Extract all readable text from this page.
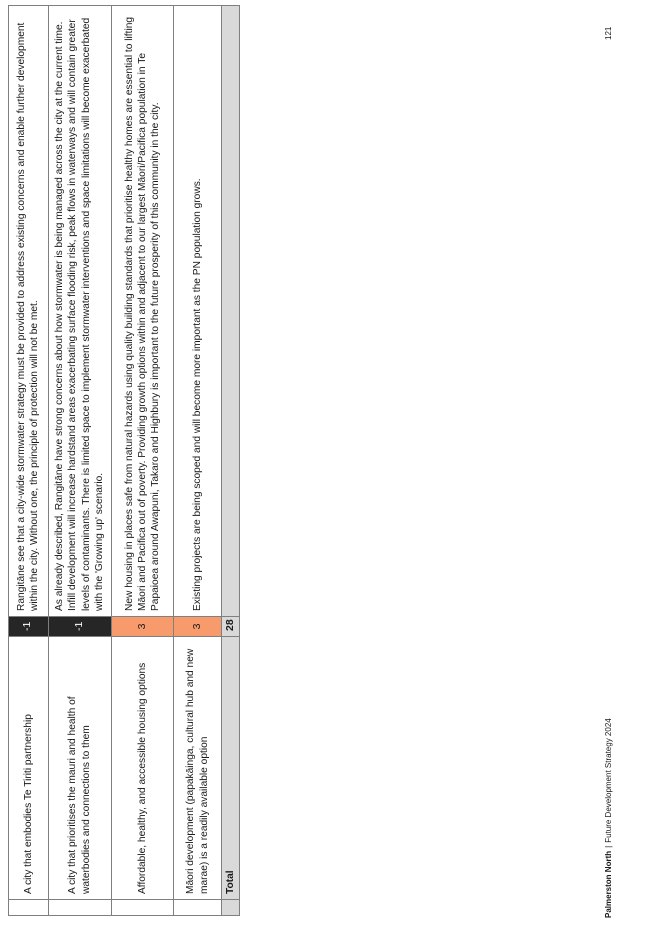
	A city that embodies Te Tiriti partnership	-1	Rangitāne see that a city-wide stormwater strategy must be provided to address existing concerns and enable further development within the city. Without one, the principle of protection will not be met.
	A city that prioritises the mauri and health of waterbodies and connections to them	-1	As already described, Rangitāne have strong concerns about how stormwater is being managed across the city at the current time. Infill development will increase hardstand areas exacerbating surface flooding risk, peak flows in waterways and will contain greater levels of contaminants. There is limited space to implement stormwater interventions and space limitations will become exacerbated with the 'Growing up' scenario.
	Affordable, healthy, and accessible housing options	3	New housing in places safe from natural hazards using quality building standards that prioritise healthy homes are essential to lifting Māori and Pacifica out of poverty. Providing growth options within and adjacent to our largest Māori/Pacifica population in Te Papaioea around Awapuni, Takaro and Highbury is important to the future prosperity of this community in the city.
	Māori development (papakāinga, cultural hub and new marae) is a readily available option	3	Existing projects are being scoped and will become more important as the PN population grows.
	Total	28	
Palmerston North|Future Development Strategy 2024
121
